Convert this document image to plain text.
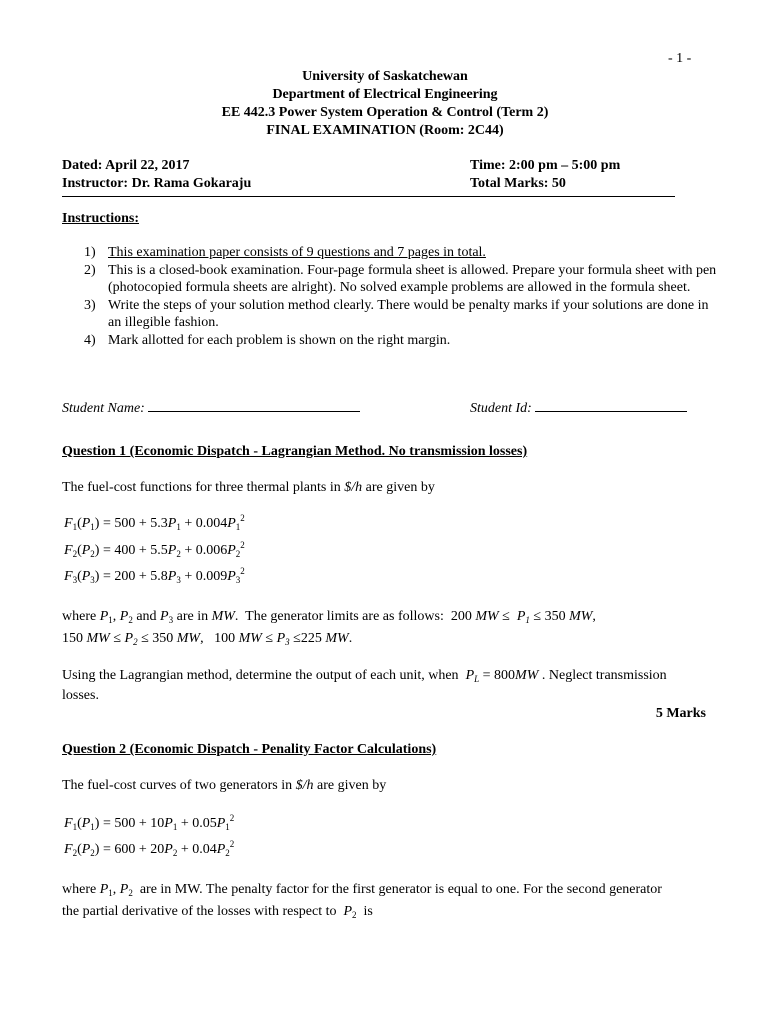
- 1 -
University of Saskatchewan
Department of Electrical Engineering
EE 442.3 Power System Operation & Control (Term 2)
FINAL EXAMINATION (Room: 2C44)
Dated: April 22, 2017
Instructor: Dr. Rama Gokaraju
Time: 2:00 pm – 5:00 pm
Total Marks: 50
Instructions:
1) This examination paper consists of 9 questions and 7 pages in total.
2) This is a closed-book examination. Four-page formula sheet is allowed. Prepare your formula sheet with pen (photocopied formula sheets are alright). No solved example problems are allowed in the formula sheet.
3) Write the steps of your solution method clearly. There would be penalty marks if your solutions are done in an illegible fashion.
4) Mark allotted for each problem is shown on the right margin.
Student Name:	Student Id:
Question 1 (Economic Dispatch - Lagrangian Method. No transmission losses)
The fuel-cost functions for three thermal plants in $/h are given by
$F_1(P_1) = 500 + 5.3P_1 + 0.004P_1^2$
$F_2(P_2) = 400 + 5.5P_2 + 0.006P_2^2$
$F_3(P_3) = 200 + 5.8P_3 + 0.009P_3^2$
where $P_1$, $P_2$ and $P_3$ are in MW.  The generator limits are as follows:  200 MW ≤  $P_1 \le 350$ MW,
150 MW ≤ $P_2 \le 350$ MW,   100 MW ≤ $P_3 \le 225$ MW.
Using the Lagrangian method, determine the output of each unit, when $P_L = 800MW$ . Neglect transmission
losses.
5 Marks
Question 2 (Economic Dispatch - Penality Factor Calculations)
The fuel-cost curves of two generators in $/h are given by
$F_1(P_1) = 500 + 10P_1 + 0.05P_1^2$
$F_2(P_2) = 600 + 20P_2 + 0.04P_2^2$
where $P_1$, $P_2$ are in MW. The penalty factor for the first generator is equal to one. For the second generator
the partial derivative of the losses with respect to $P_2$ is
